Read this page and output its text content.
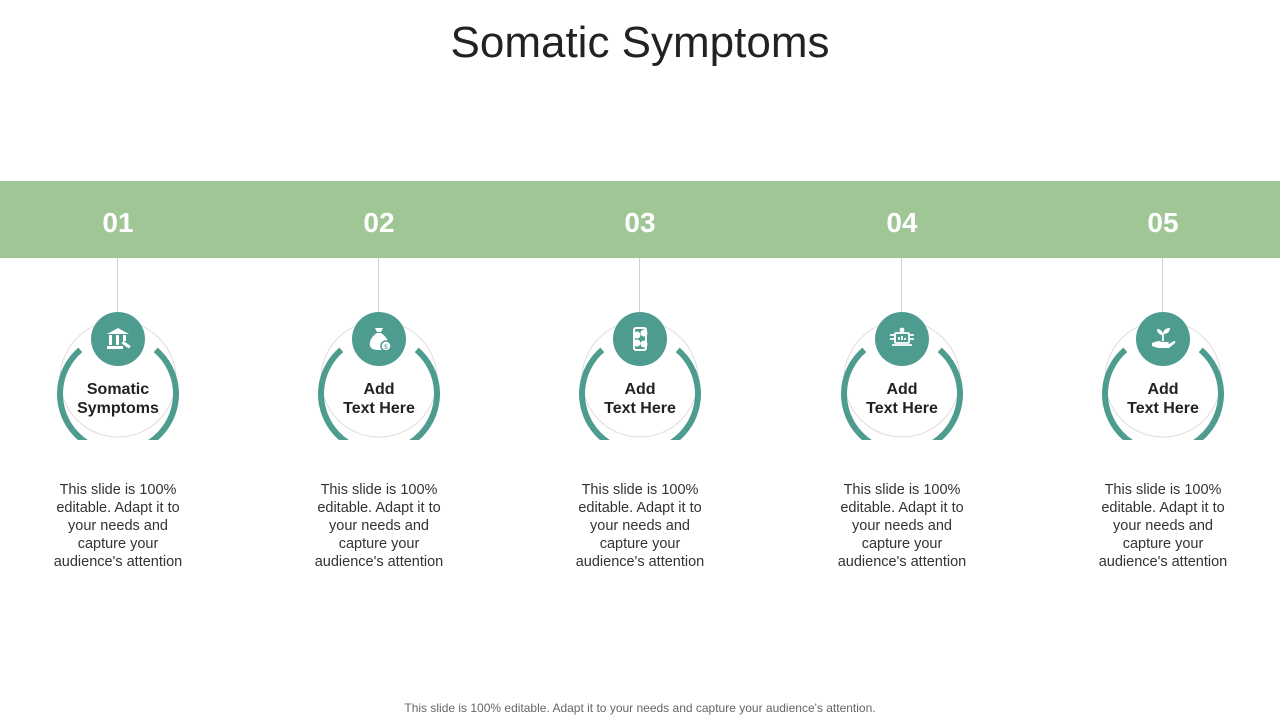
Somatic Symptoms
01
Somatic
Symptoms
This slide is 100%
editable. Adapt it to
your needs and
capture your
audience's attention
02
$
Add
Text Here
This slide is 100%
editable. Adapt it to
your needs and
capture your
audience's attention
03
Add
Text Here
This slide is 100%
editable. Adapt it to
your needs and
capture your
audience's attention
04
Add
Text Here
This slide is 100%
editable. Adapt it to
your needs and
capture your
audience's attention
05
Add
Text Here
This slide is 100%
editable. Adapt it to
your needs and
capture your
audience's attention
This slide is 100% editable. Adapt it to your needs and capture your audience's attention.
